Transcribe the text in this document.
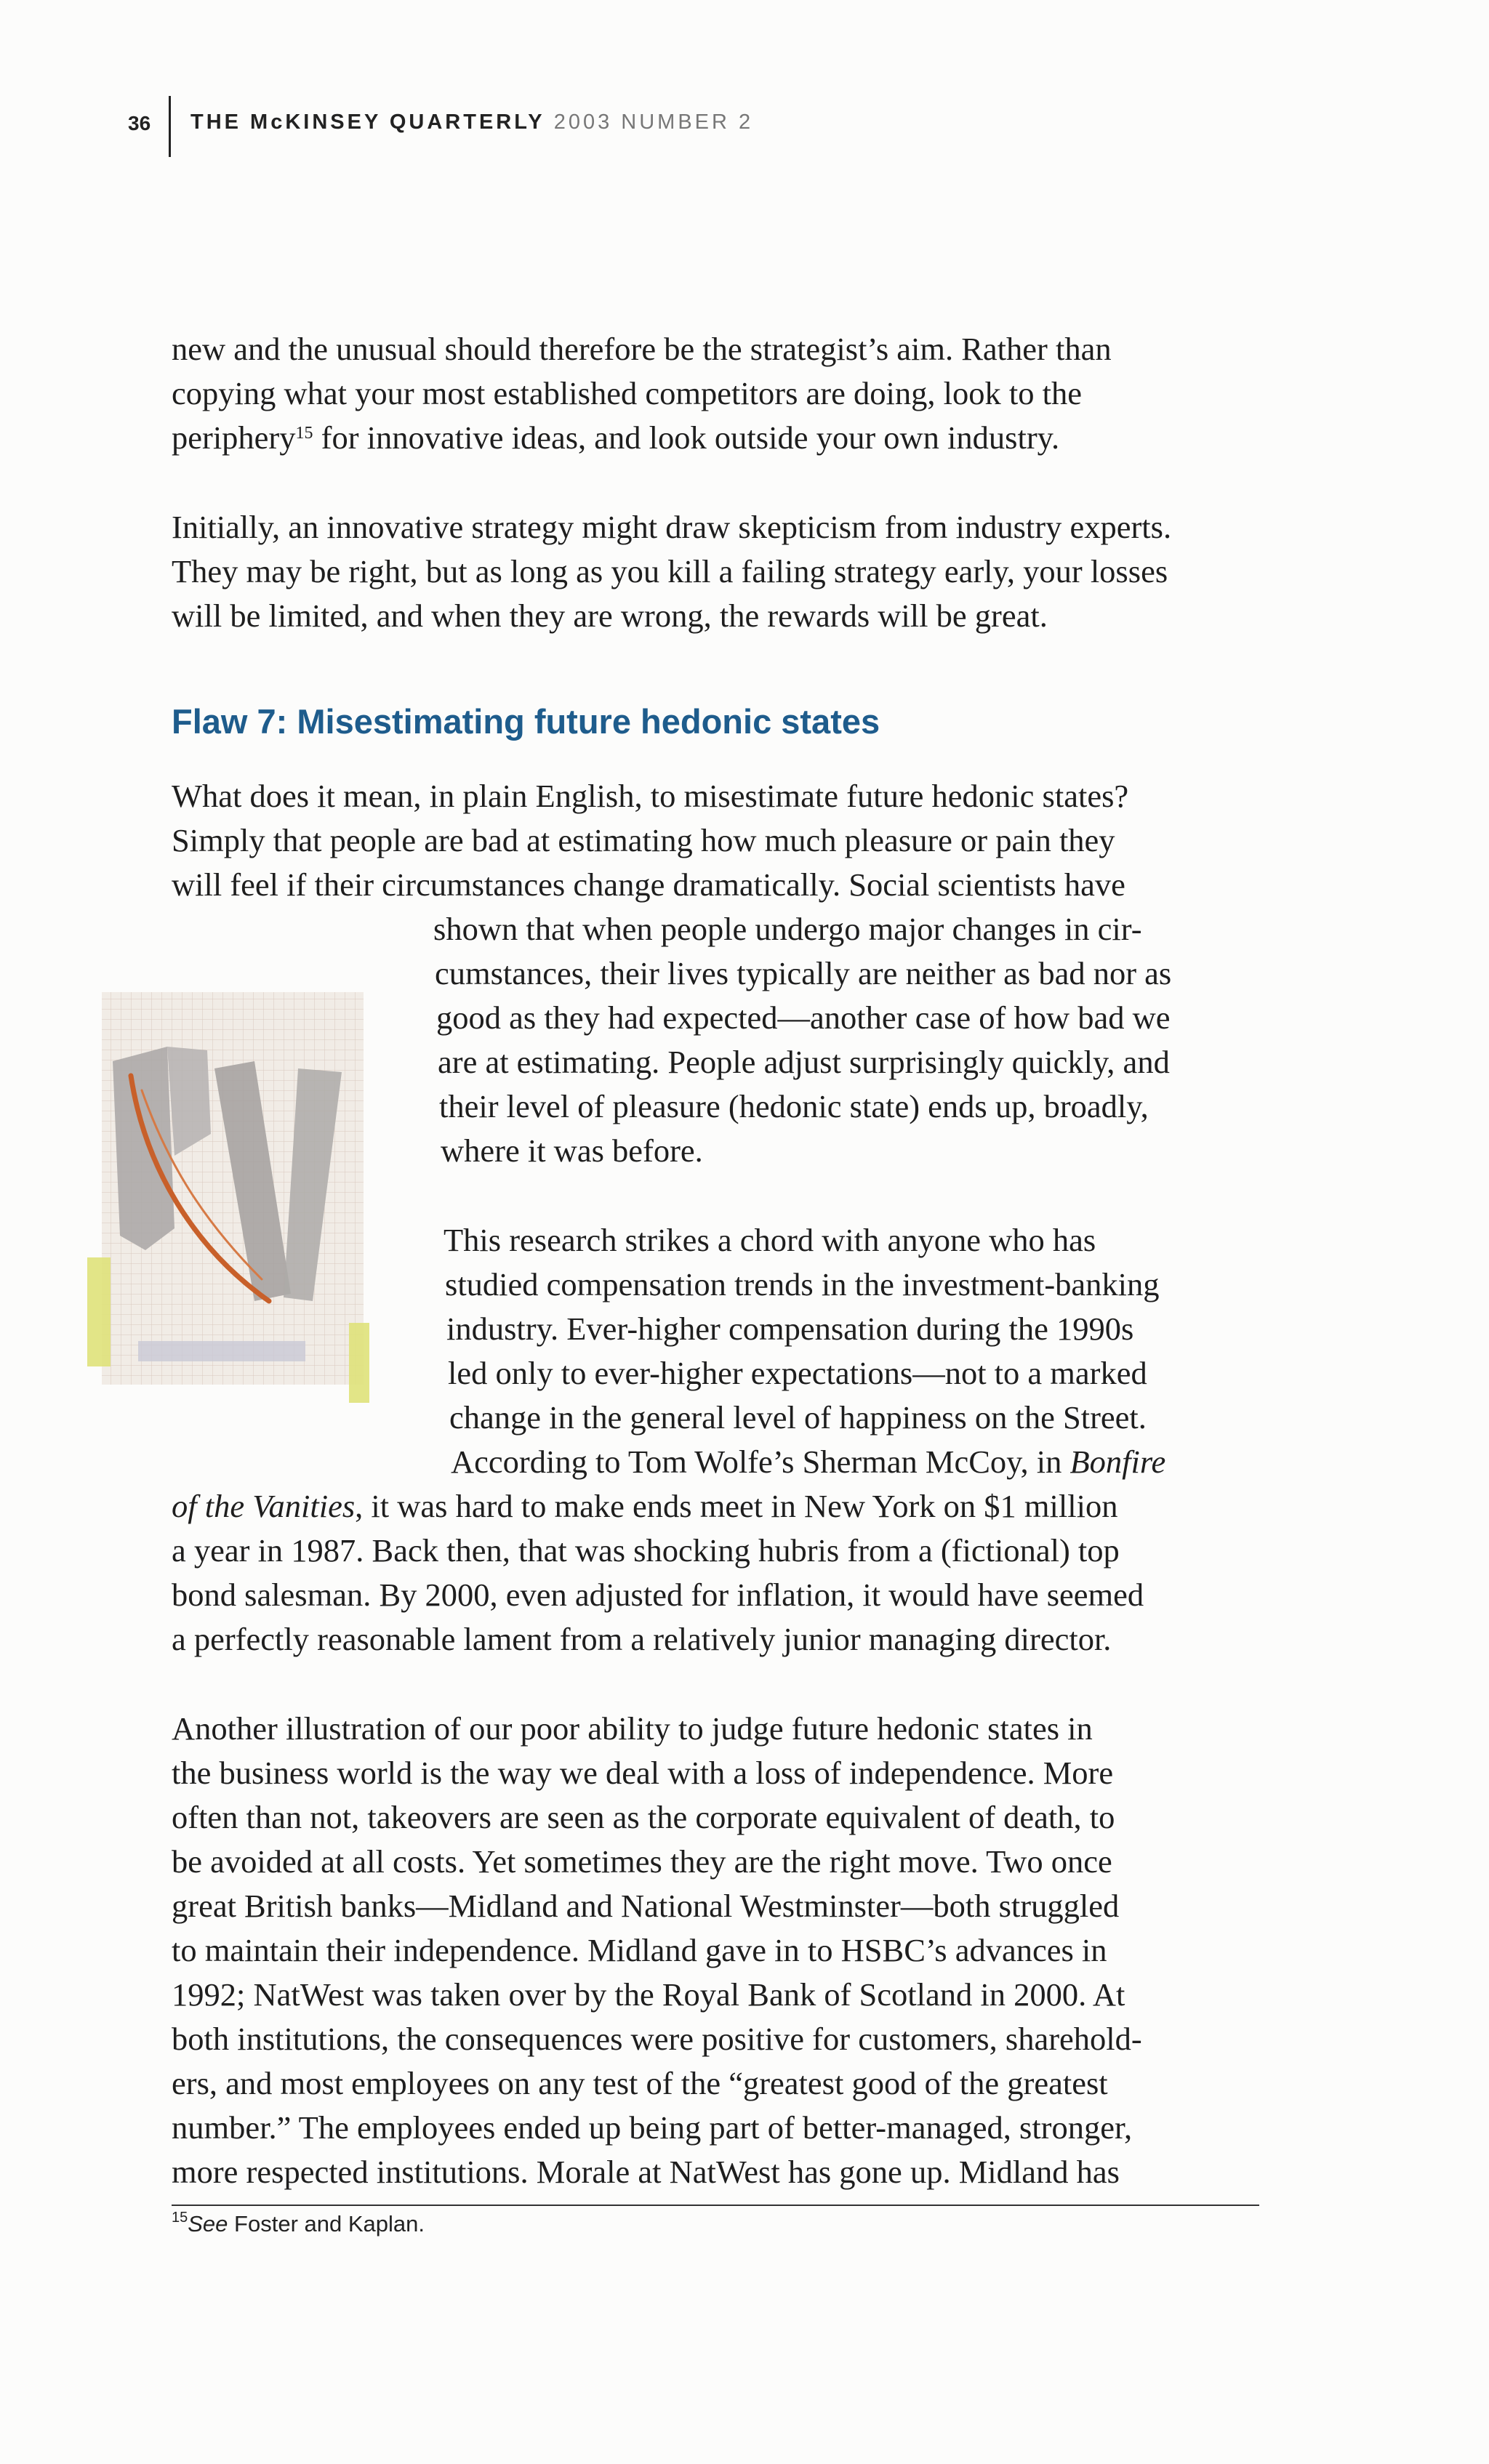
36 THE McKINSEY QUARTERLY 2003 NUMBER 2
new and the unusual should therefore be the strategist’s aim. Rather than
copying what your most established competitors are doing, look to the
periphery$^{15}$ for innovative ideas, and look outside your own industry.
Initially, an innovative strategy might draw skepticism from industry experts.
They may be right, but as long as you kill a failing strategy early, your losses
will be limited, and when they are wrong, the rewards will be great.
Flaw 7: Misestimating future hedonic states
What does it mean, in plain English, to misestimate future hedonic states?
Simply that people are bad at estimating how much pleasure or pain they
will feel if their circumstances change dramatically. Social scientists have
shown that when people undergo major changes in cir-
cumstances, their lives typically are neither as bad nor as
good as they had expected—another case of how bad we
are at estimating. People adjust surprisingly quickly, and
their level of pleasure (hedonic state) ends up, broadly,
where it was before.
This research strikes a chord with anyone who has
studied compensation trends in the investment-banking
industry. Ever-higher compensation during the 1990s
led only to ever-higher expectations—not to a marked
change in the general level of happiness on the Street.
According to Tom Wolfe’s Sherman McCoy, in Bonfire
of the Vanities, it was hard to make ends meet in New York on $1 million
a year in 1987. Back then, that was shocking hubris from a (fictional) top
bond salesman. By 2000, even adjusted for inflation, it would have seemed
a perfectly reasonable lament from a relatively junior managing director.
Another illustration of our poor ability to judge future hedonic states in
the business world is the way we deal with a loss of independence. More
often than not, takeovers are seen as the corporate equivalent of death, to
be avoided at all costs. Yet sometimes they are the right move. Two once
great British banks—Midland and National Westminster—both struggled
to maintain their independence. Midland gave in to HSBC’s advances in
1992; NatWest was taken over by the Royal Bank of Scotland in 2000. At
both institutions, the consequences were positive for customers, sharehold-
ers, and most employees on any test of the “greatest good of the greatest
number.” The employees ended up being part of better-managed, stronger,
more respected institutions. Morale at NatWest has gone up. Midland has
$^{15}$See Foster and Kaplan.
